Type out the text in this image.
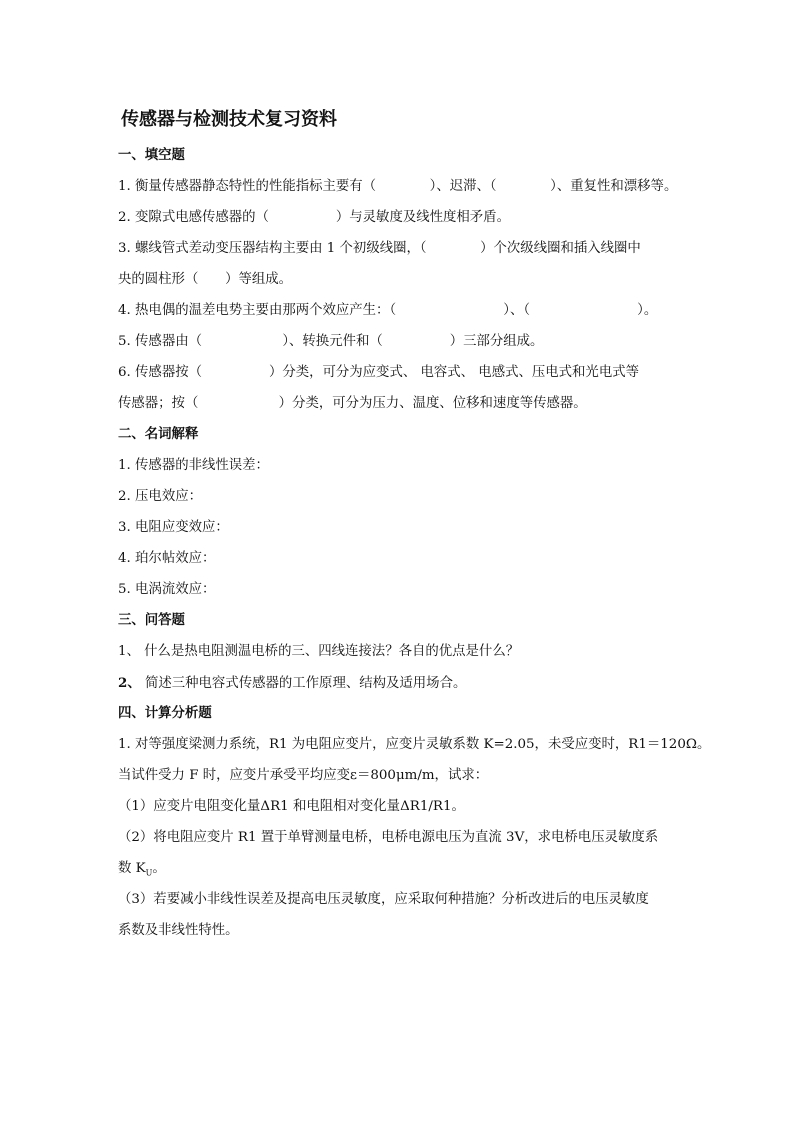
传感器与检测技术复习资料
一、填空题
1. 衡量传感器静态特性的性能指标主要有（　　　　）、迟滞、（　　　　）、重复性和漂移等。
2. 变隙式电感传感器的（　　　　　）与灵敏度及线性度相矛盾。
3. 螺线管式差动变压器结构主要由 1 个初级线圈，（　　　　）个次级线圈和插入线圈中
央的圆柱形（　　）等组成。
4. 热电偶的温差电势主要由那两个效应产生：（　　　　　　　　）、（　　　　　　　　）。
5. 传感器由（　　　　　　）、转换元件和（　　　　　）三部分组成。
6. 传感器按（　　　　　）分类，可分为应变式、 电容式、 电感式、压电式和光电式等
传感器；按（　　　　　　）分类，可分为压力、温度、位移和速度等传感器。
二、名词解释
1. 传感器的非线性误差：
2. 压电效应：
3. 电阻应变效应：
4. 珀尔帖效应：
5. 电涡流效应：
三、问答题
1、 什么是热电阻测温电桥的三、四线连接法？各自的优点是什么？
2、 简述三种电容式传感器的工作原理、结构及适用场合。
四、计算分析题
1. 对等强度梁测力系统，R1 为电阻应变片，应变片灵敏系数 K=2.05，未受应变时，R1＝120Ω。
当试件受力 F 时，应变片承受平均应变ε＝800μm/m，试求：
（1）应变片电阻变化量ΔR1 和电阻相对变化量ΔR1/R1。
（2）将电阻应变片 R1 置于单臂测量电桥，电桥电源电压为直流 3V，求电桥电压灵敏度系
数 $K_U$。
（3）若要减小非线性误差及提高电压灵敏度，应采取何种措施？分析改进后的电压灵敏度
系数及非线性特性。
